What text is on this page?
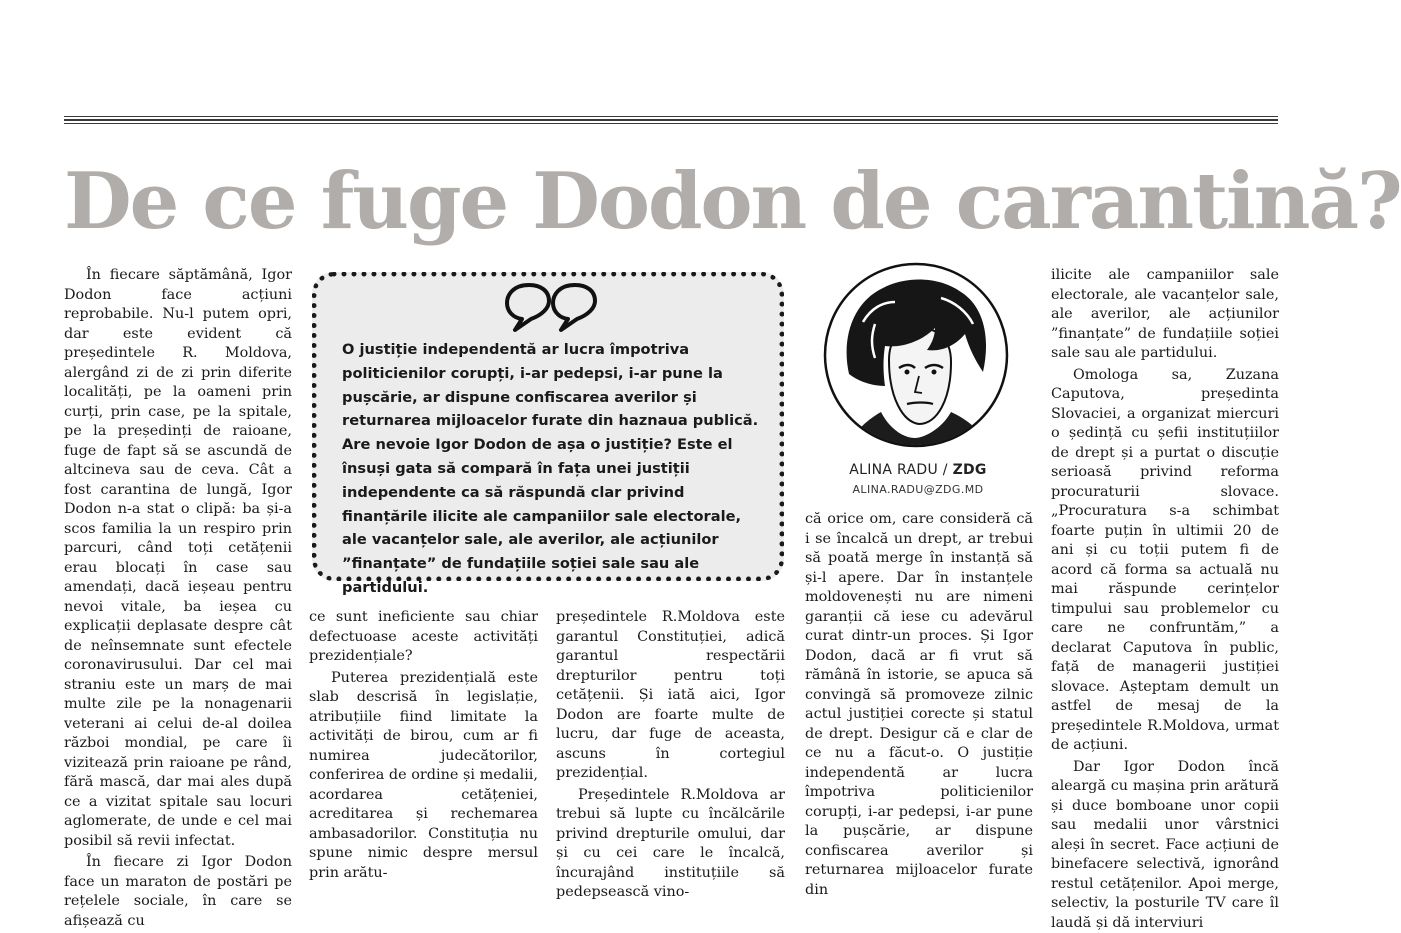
De ce fuge Dodon de carantină?

În fiecare săptămână, Igor Dodon face acțiuni reprobabile. Nu-l putem opri, dar este evident că președintele R. Moldova, alergând zi de zi prin diferite localități, pe la oameni prin curți, prin case, pe la spitale, pe la președinți de raioane, fuge de fapt să se ascundă de altcineva sau de ceva. Cât a fost carantina de lungă, Igor Dodon n-a stat o clipă: ba și-a scos familia la un respiro prin parcuri, când toți cetățenii erau blocați în case sau amendați, dacă ieșeau pentru nevoi vitale, ba ieșea cu explicații deplasate despre cât de neînsemnate sunt efectele coronavirusului. Dar cel mai straniu este un marș de mai multe zile pe la nonagenarii veterani ai celui de-al doilea război mondial, pe care îi vizitează prin raioane pe rând, fără mască, dar mai ales după ce a vizitat spitale sau locuri aglomerate, de unde e cel mai posibil să revii infectat.

În fiecare zi Igor Dodon face un maraton de postări pe rețelele sociale, în care se afișează cu

O justiție independentă ar lucra împotriva politicienilor corupți, i-ar pedepsi, i-ar pune la pușcărie, ar dispune confiscarea averilor și returnarea mijloacelor furate din haznaua publică. Are nevoie Igor Dodon de așa o justiție? Este el însuși gata să compară în fața unei justiții independente ca să răspundă clar privind finanțările ilicite ale campaniilor sale electorale, ale vacanțelor sale, ale averilor, ale acțiunilor ”finanțate” de fundațiile soției sale sau ale partidului.

ce sunt ineficiente sau chiar defectuoase aceste activități prezidențiale?

Puterea prezidențială este slab descrisă în legislație, atribuțiile fiind limitate la activități de birou, cum ar fi numirea judecătorilor, conferirea de ordine și medalii, acordarea cetățeniei, acreditarea și rechemarea ambasadorilor. Constituția nu spune nimic despre mersul prin arătu-

președintele R.Moldova este garantul Constituției, adică garantul respectării drepturilor pentru toți cetățenii. Și iată aici, Igor Dodon are foarte multe de lucru, dar fuge de aceasta, ascuns în cortegiul prezidențial.

Președintele R.Moldova ar trebui să lupte cu încălcările privind drepturile omului, dar și cu cei care le încalcă, încurajând instituțiile să pedepsească vino-

ALINA RADU / ZDG
ALINA.RADU@ZDG.MD

că orice om, care consideră că i se încalcă un drept, ar trebui să poată merge în instanță să și-l apere. Dar în instanțele moldovenești nu are nimeni garanții că iese cu adevărul curat dintr-un proces. Și Igor Dodon, dacă ar fi vrut să rămână în istorie, se apuca să convingă să promoveze zilnic actul justiției corecte și statul de drept. Desigur că e clar de ce nu a făcut-o. O justiție independentă ar lucra împotriva politicienilor corupți, i-ar pedepsi, i-ar pune la pușcărie, ar dispune confiscarea averilor și returnarea mijloacelor furate din

ilicite ale campaniilor sale electorale, ale vacanțelor sale, ale averilor, ale acțiunilor ”finanțate” de fundațiile soției sale sau ale partidului.

Omologa sa, Zuzana Caputova, președinta Slovaciei, a organizat miercuri o ședință cu șefii instituțiilor de drept și a purtat o discuție serioasă privind reforma procuraturii slovace. „Procuratura s-a schimbat foarte puțin în ultimii 20 de ani și cu toții putem fi de acord că forma sa actuală nu mai răspunde cerințelor timpului sau problemelor cu care ne confruntăm,” a declarat Caputova în public, față de managerii justiției slovace. Așteptam demult un astfel de mesaj de la președintele R.Moldova, urmat de acțiuni.

Dar Igor Dodon încă aleargă cu mașina prin arătură și duce bomboane unor copii sau medalii unor vârstnici aleși în secret. Face acțiuni de binefacere selectivă, ignorând restul cetățenilor. Apoi merge, selectiv, la posturile TV care îl laudă și dă interviuri
